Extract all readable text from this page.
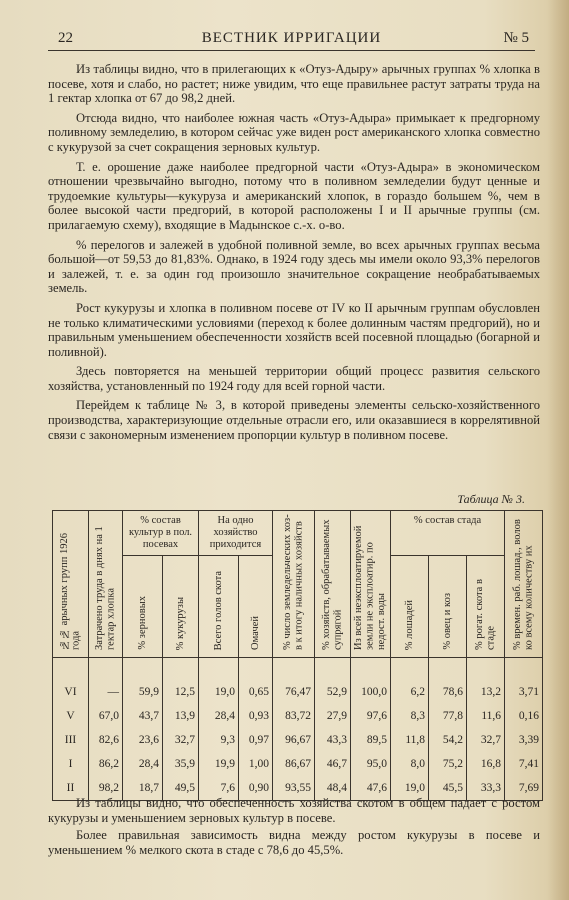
22	ВЕСТНИК ИРРИГАЦИИ	№ 5

Из таблицы видно, что в прилегающих к «Отуз-Адыру» арычных группах % хлопка в посеве, хотя и слабо, но растет; ниже увидим, что еще правильнее растут затраты труда на 1 гектар хлопка от 67 до 98,2 дней.

Отсюда видно, что наиболее южная часть «Отуз-Адыра» примыкает к предгорному поливному земледелию, в котором сейчас уже виден рост американского хлопка совместно с кукурузой за счет сокращения зерновых культур.

Т. е. орошение даже наиболее предгорной части «Отуз-Адыра» в экономическом отношении чрезвычайно выгодно, потому что в поливном земледелии будут ценные и трудоемкие культуры—кукуруза и американский хлопок, в гораздо большем %, чем в более высокой части предгорий, в которой расположены I и II арычные группы (см. прилагаемую схему), входящие в Мадынское с.-х. о-во.

% перелогов и залежей в удобной поливной земле, во всех арычных группах весьма большой—от 59,53 до 81,83%. Однако, в 1924 году здесь мы имели около 93,3% перелогов и залежей, т. е. за один год произошло значительное сокращение необрабатываемых земель.

Рост кукурузы и хлопка в поливном посеве от IV ко II арычным группам обусловлен не только климатическими условиями (переход к более долинным частям предгорий), но и правильным уменьшением обеспеченности хозяйств всей посевной площадью (богарной и поливной).

Здесь повторяется на меньшей территории общий процесс развития сельского хозяйства, установленный по 1924 году для всей горной части.

Перейдем к таблице № 3, в которой приведены элементы сельско-хозяйственного производства, характеризующие отдельные отрасли его, или оказавшиеся в коррелятивной связи с закономерным изменением пропорции культур в поливном посеве.

Таблица № 3.
№№ арычных групп 1926 года	Затрачено труда в днях на 1 гектар хлопка	% состав культур в пол. посевах		На одно хозяйство приходится		% число земледельческих хоз-в к итогу наличных хозяйств	% хозяйств, обрабатываемых супрягой	Из всей неэксплоатируемой земли не эксплоатир. по недост. воды	% состав стада			% времен. раб. лошад., волов ко всему количеству их
		% зерновых	% кукурузы	Всего голов скота	Омачей				% лошадей	% овец и коз	% рогат. скота в стаде	

VI	—	59,9	12,5	19,0	0,65	76,47	52,9	100,0	6,2	78,6	13,2	3,71
V	67,0	43,7	13,9	28,4	0,93	83,72	27,9	97,6	8,3	77,8	11,6	0,16
III	82,6	23,6	32,7	9,3	0,97	96,67	43,3	89,5	11,8	54,2	32,7	3,39
I	86,2	28,4	35,9	19,9	1,00	86,67	46,7	95,0	8,0	75,2	16,8	7,41
II	98,2	18,7	49,5	7,6	0,90	93,55	48,4	47,6	19,0	45,5	33,3	7,69

Из таблицы видно, что обеспеченность хозяйства скотом в общем падает с ростом кукурузы и уменьшением зерновых культур в посеве.

Более правильная зависимость видна между ростом кукурузы в посеве и уменьшением % мелкого скота в стаде с 78,6 до 45,5%.
